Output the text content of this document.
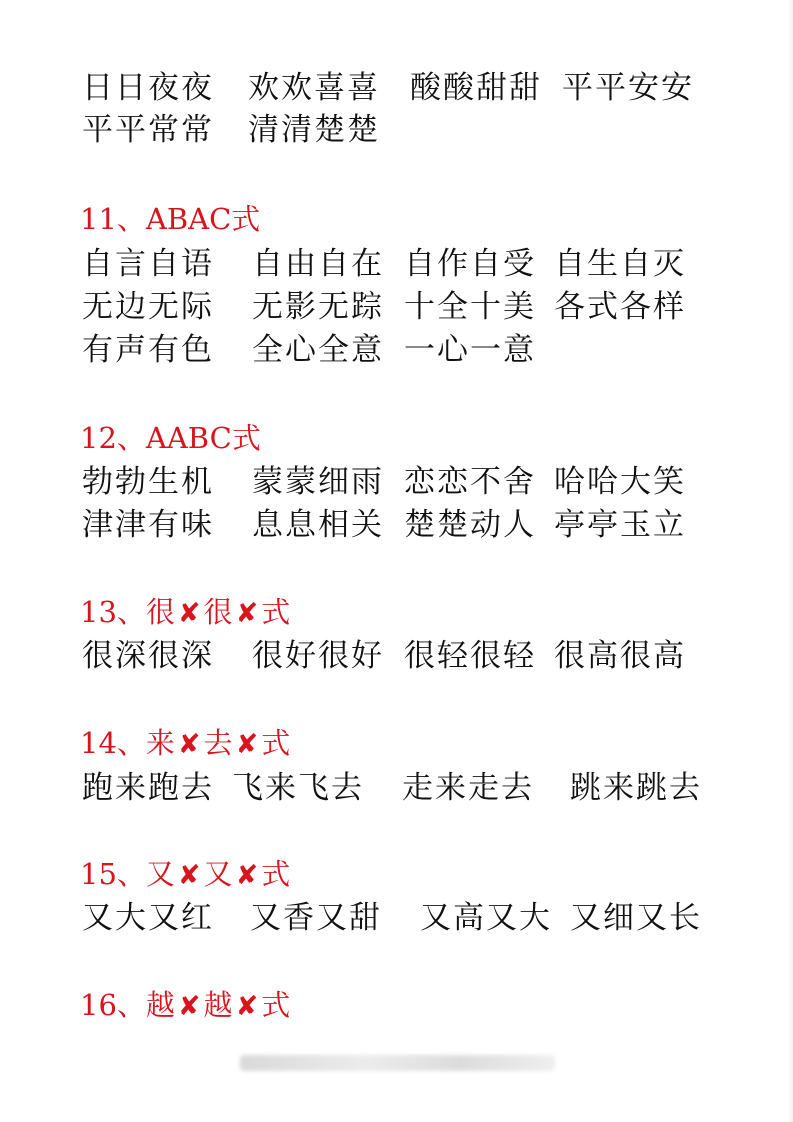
日日夜夜 欢欢喜喜 酸酸甜甜 平平安安
平平常常 清清楚楚
11、ABAC式
自言自语 自由自在 自作自受 自生自灭
无边无际 无影无踪 十全十美 各式各样
有声有色 全心全意 一心一意
12、AABC式
勃勃生机 蒙蒙细雨 恋恋不舍 哈哈大笑
津津有味 息息相关 楚楚动人 亭亭玉立
13、很 ✘ 很 ✘ 式
很深很深 很好很好 很轻很轻 很高很高
14、来 ✘ 去 ✘ 式
跑来跑去 飞来飞去 走来走去 跳来跳去
15、又 ✘ 又 ✘ 式
又大又红 又香又甜 又高又大 又细又长
16、越 ✘ 越 ✘ 式
